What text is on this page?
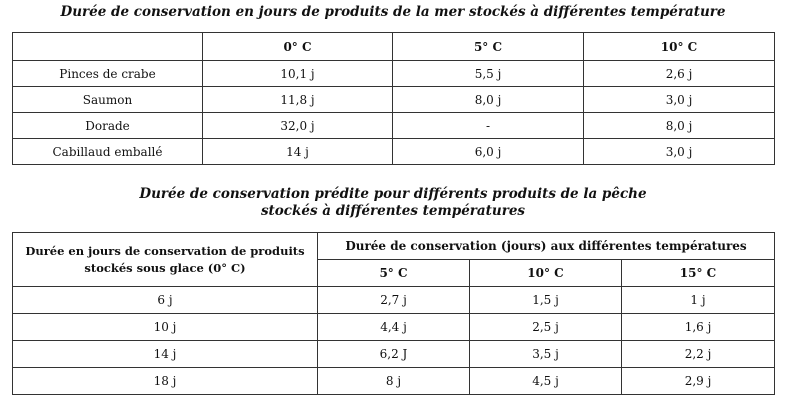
Durée de conservation en jours de produits de la mer stockés à différentes température
	0° C	5° C	10° C
Pinces de crabe	10,1 j	5,5 j	2,6 j
Saumon	11,8 j	8,0 j	3,0 j
Dorade	32,0 j	-	8,0 j
Cabillaud emballé	14 j	6,0 j	3,0 j
Durée de conservation prédite pour différents produits de la pêche
stockés à différentes températures
Durée en jours de conservation de produits stockés sous glace (0° C)	Durée de conservation (jours) aux différentes températures		
	5° C	10° C	15° C
6 j	2,7 j	1,5 j	1 j
10 j	4,4 j	2,5 j	1,6 j
14 j	6,2 J	3,5 j	2,2 j
18 j	8 j	4,5 j	2,9 j
